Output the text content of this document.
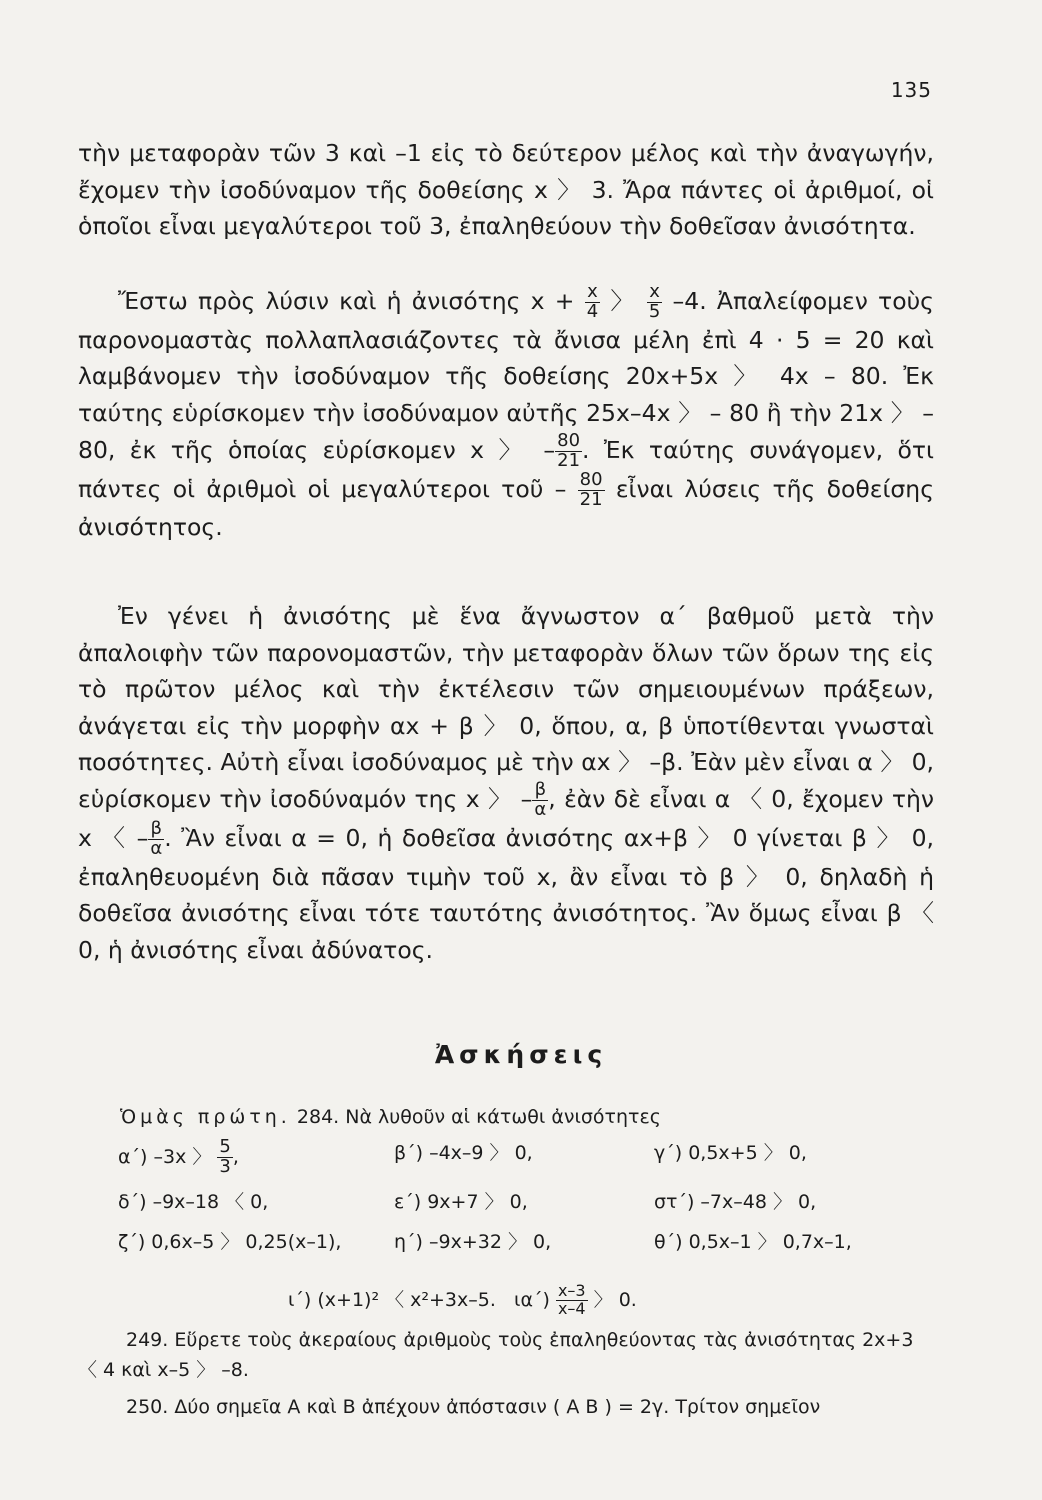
135

τὴν μεταφορὰν τῶν 3 καὶ –1 εἰς τὸ δεύτερον μέλος καὶ τὴν ἀναγωγήν, ἔχομεν τὴν ἰσοδύναμον τῆς δοθείσης x 〉 3. Ἄρα πάντες οἱ ἀριθμοί, οἱ ὁποῖοι εἶναι μεγαλύτεροι τοῦ 3, ἐπαληθεύουν τὴν δοθεῖσαν ἀνισότητα.

Ἔστω πρὸς λύσιν καὶ ἡ ἀνισότης $x + \frac{x}{4}$ 〉 $\frac{x}{5} -4$. Ἀπαλείφομεν τοὺς παρονομαστὰς πολλαπλασιάζοντες τὰ ἄνισα μέλη ἐπὶ 4 · 5 = 20 καὶ λαμβάνομεν τὴν ἰσοδύναμον τῆς δοθείσης 20x+5x 〉 4x – 80. Ἐκ ταύτης εὑρίσκομεν τὴν ἰσοδύναμον αὐτῆς 25x–4x 〉 – 80 ἢ τὴν 21x 〉 – 80, ἐκ τῆς ὁποίας εὑρίσκομεν x 〉 – $\frac{80}{21}$ . Ἐκ ταύτης συνάγομεν, ὅτι πάντες οἱ ἀριθμοὶ οἱ μεγαλύτεροι τοῦ – $\frac{80}{21}$ εἶναι λύσεις τῆς δοθείσης ἀνισότητος.

Ἐν γένει ἡ ἀνισότης μὲ ἕνα ἄγνωστον α΄ βαθμοῦ μετὰ τὴν ἀπαλοιφὴν τῶν παρονομαστῶν, τὴν μεταφορὰν ὅλων τῶν ὅρων της εἰς τὸ πρῶτον μέλος καὶ τὴν ἐκτέλεσιν τῶν σημειουμένων πράξεων, ἀνάγεται εἰς τὴν μορφὴν αx + β 〉 0, ὅπου, α, β ὑποτίθενται γνωσταὶ ποσότητες. Αὐτὴ εἶναι ἰσοδύναμος μὲ τὴν αx 〉 –β. Ἐὰν μὲν εἶναι α 〉 0, εὑρίσκομεν τὴν ἰσοδύναμόν της x 〉 – $\frac{\beta}{\alpha}$ , ἐὰν δὲ εἶναι α 〈 0, ἔχομεν τὴν x 〈 – $\frac{\beta}{\alpha}$ . Ἂν εἶναι α = 0, ἡ δοθεῖσα ἀνισότης αx+β 〉 0 γίνεται β 〉 0, ἐπαληθευομένη διὰ πᾶσαν τιμὴν τοῦ x, ἂν εἶναι τὸ β 〉 0, δηλαδὴ ἡ δοθεῖσα ἀνισότης εἶναι τότε ταυτότης ἀνισότητος. Ἂν ὅμως εἶναι β 〈 0, ἡ ἀνισότης εἶναι ἀδύνατος.

Ἀσκήσεις
Ὁμὰς πρώτη. 284. Νὰ λυθοῦν αἱ κάτωθι ἀνισότητες
α΄) –3x 〉 $\frac{5}{3}$ ,	β΄) –4x–9 〉 0,	γ΄) 0,5x+5 〉 0,
δ΄) –9x–18 〈 0,	ε΄) 9x+7 〉 0,	στ΄) –7x–48 〉 0,
ζ΄) 0,6x–5 〉 0,25(x–1),	η΄) –9x+32 〉 0,	θ΄) 0,5x–1 〉 0,7x–1,
ι΄) (x+1)² 〈 x²+3x–5. $\iota\alpha΄) \frac{x-3}{x-4}$ 〉 0.
249. Εὕρετε τοὺς ἀκεραίους ἀριθμοὺς τοὺς ἐπαληθεύοντας τὰς ἀνισότητας 2x+3 〈 4 καὶ x–5 〉 –8.
250. Δύο σημεῖα Α καὶ Β ἀπέχουν ἀπόστασιν ( Α Β ) = 2γ. Τρίτον σημεῖον
